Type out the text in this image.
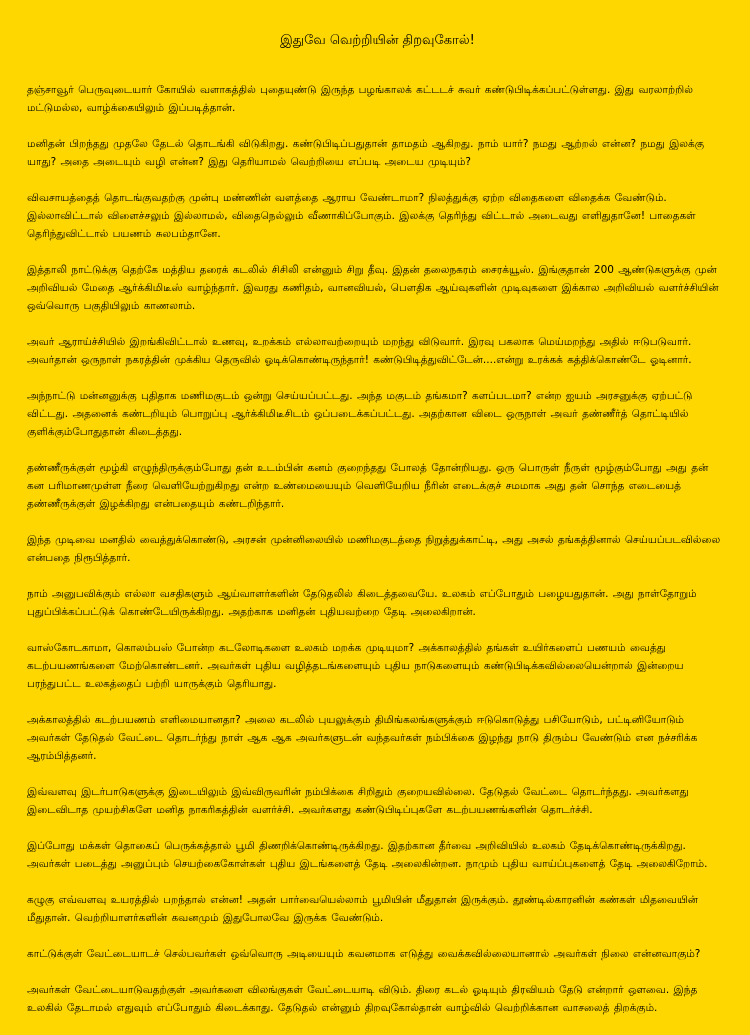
இதுவே வெற்றியின் திறவுகோல்!

தஞ்சாவூர் பெருவுடையார் கோயில் வளாகத்தில் புதையுண்டு இருந்த பழங்காலக் கட்டடச் சுவர் கண்டுபிடிக்கப்பட்டுள்ளது. இது வரலாற்றில் மட்டுமல்ல, வாழ்க்கையிலும் இப்படித்தான்.

மனிதன் பிறந்தது முதலே தேடல் தொடங்கி விடுகிறது. கண்டுபிடிப்பதுதான் தாமதம் ஆகிறது. நாம் யார்? நமது ஆற்றல் என்ன? நமது இலக்கு யாது? அதை அடையும் வழி என்ன? இது தெரியாமல் வெற்றியை எப்படி அடைய முடியும்?

விவசாயத்தைத் தொடங்குவதற்கு முன்பு மண்ணின் வளத்தை ஆராய வேண்டாமா? நிலத்துக்கு ஏற்ற விதைகளை விதைக்க வேண்டும். இல்லாவிட்டால் விளைச்சலும் இல்லாமல், விதைநெல்லும் வீணாகிப்போகும். இலக்கு தெரிந்து விட்டால் அடைவது எளிதுதானே! பாதைகள் தெரிந்துவிட்டால் பயணம் சுலபம்தானே.

இத்தாலி நாட்டுக்கு தெற்கே மத்திய தரைக் கடலில் சிசிலி என்னும் சிறு தீவு. இதன் தலைநகரம் சைரக்யூஸ். இங்குதான் 200 ஆண்டுகளுக்கு முன் அறிவியல் மேதை ஆர்க்கிமிடீஸ் வாழ்ந்தார். இவரது கணிதம், வானவியல், பௌதிக ஆய்வுகளின் முடிவுகளை இக்கால அறிவியல் வளர்ச்சியின் ஒவ்வொரு பகுதியிலும் காணலாம்.

அவர் ஆராய்ச்சியில் இறங்கிவிட்டால் உணவு, உறக்கம் எல்லாவற்றையும் மறந்து விடுவார். இரவு பகலாக மெய்மறந்து அதில் ஈடுபடுவார். அவர்தான் ஒருநாள் நகரத்தின் முக்கிய தெருவில் ஓடிக்கொண்டிருந்தார்! கண்டுபிடித்துவிட்டேன்....என்று உரக்கக் கத்திக்கொண்டே ஓடினார்.

அந்நாட்டு மன்னனுக்கு புதிதாக மணிமகுடம் ஒன்று செய்யப்பட்டது. அந்த மகுடம் தங்கமா? களப்படமா? என்ற ஐயம் அரசனுக்கு ஏற்பட்டு விட்டது. அதனைக் கண்டறியும் பொறுப்பு ஆர்க்கிமிடீசிடம் ஒப்படைக்கப்பட்டது. அதற்கான விடை ஒருநாள் அவர் தண்ணீர்த் தொட்டியில் குளிக்கும்போதுதான் கிடைத்தது.

தண்ணீருக்குள் மூழ்கி எழுந்திருக்கும்போது தன் உடம்பின் கனம் குறைந்தது போலத் தோன்றியது. ஒரு பொருள் நீருள் மூழ்கும்போது அது தன் கன பரிமாணமுள்ள நீரை வெளியேற்றுகிறது என்ற உண்மையையும் வெளியேறிய நீரின் எடைக்குச் சமமாக அது தன் சொந்த எடையைத் தண்ணீருக்குள் இழக்கிறது என்பதையும் கண்டறிந்தார்.

இந்த முடிவை மனதில் வைத்துக்கொண்டு, அரசன் முன்னிலையில் மணிமகுடத்தை நிறுத்துக்காட்டி, அது அசல் தங்கத்தினால் செய்யப்படவில்லை என்பதை நிரூபித்தார்.

நாம் அனுபவிக்கும் எல்லா வசதிகளும் ஆய்வாளர்களின் தேடுதலில் கிடைத்தவையே. உலகம் எப்போதும் பழையதுதான். அது நாள்தோறும் புதுப்பிக்கப்பட்டுக் கொண்டேயிருக்கிறது. அதற்காக மனிதன் புதியவற்றை தேடி அலைகிறான்.

வாஸ்கோடகாமா, கொலம்பஸ் போன்ற கடலோடிகளை உலகம் மறக்க முடியுமா? அக்காலத்தில் தங்கள் உயிர்களைப் பணயம் வைத்து கடற்பயணங்களை மேற்கொண்டனர். அவர்கள் புதிய வழித்தடங்களையும் புதிய நாடுகளையும் கண்டுபிடிக்கவில்லையென்றால் இன்றைய பரந்துபட்ட உலகத்தைப் பற்றி யாருக்கும் தெரியாது.

அக்காலத்தில் கடற்பயணம் எளிமையானதா? அலை கடலில் புயலுக்கும் திமிங்கலங்களுக்கும் ஈடுகொடுத்து பசியோடும், பட்டினியோடும் அவர்கள் தேடுதல் வேட்டை தொடர்ந்து நாள் ஆக ஆக அவர்களுடன் வந்தவர்கள் நம்பிக்கை இழந்து நாடு திரும்ப வேண்டும் என நச்சரிக்க ஆரம்பித்தனர்.

இவ்வளவு இடர்பாடுகளுக்கு இடையிலும் இவ்விருவரின் நம்பிக்கை சிறிதும் குறையவில்லை. தேடுதல் வேட்டை தொடர்ந்தது. அவர்களது இடைவிடாத முயற்சிகளே மனித நாகரிகத்தின் வளர்ச்சி. அவர்களது கண்டுபிடிப்புகளே கடற்பயணங்களின் தொடர்ச்சி.

இப்போது மக்கள் தொகைப் பெருக்கத்தால் பூமி திணறிக்கொண்டிருக்கிறது. இதற்கான தீர்வை அறிவியில் உலகம் தேடிக்கொண்டிருக்கிறது. அவர்கள் படைத்து அனுப்பும் செயற்கைகோள்கள் புதிய இடங்களைத் தேடி அலைகின்றன. நாமும் புதிய வாய்ப்புகளைத் தேடி அலைகிறோம்.

கழுகு எவ்வளவு உயரத்தில் பறந்தால் என்ன! அதன் பார்வையெல்லாம் பூமியின் மீதுதான் இருக்கும். தூண்டில்காரனின் கண்கள் மிதவையின் மீதுதான். வெற்றியாளர்களின் கவனமும் இதுபோலவே இருக்க வேண்டும்.

காட்டுக்குள் வேட்டையாடச் செல்பவர்கள் ஒவ்வொரு அடியையும் கவனமாக எடுத்து வைக்கவில்லையானால் அவர்கள் நிலை என்னவாகும்?

அவர்கள் வேட்டையாடுவதற்குள் அவர்களை விலங்குகள் வேட்டையாடி விடும். திரை கடல் ஓடியும் திரவியம் தேடு என்றார் ஔவை. இந்த உலகில் தேடாமல் எதுவும் எப்போதும் கிடைக்காது. தேடுதல் என்னும் திறவுகோல்தான் வாழ்வில் வெற்றிக்கான வாசலைத் திறக்கும்.
